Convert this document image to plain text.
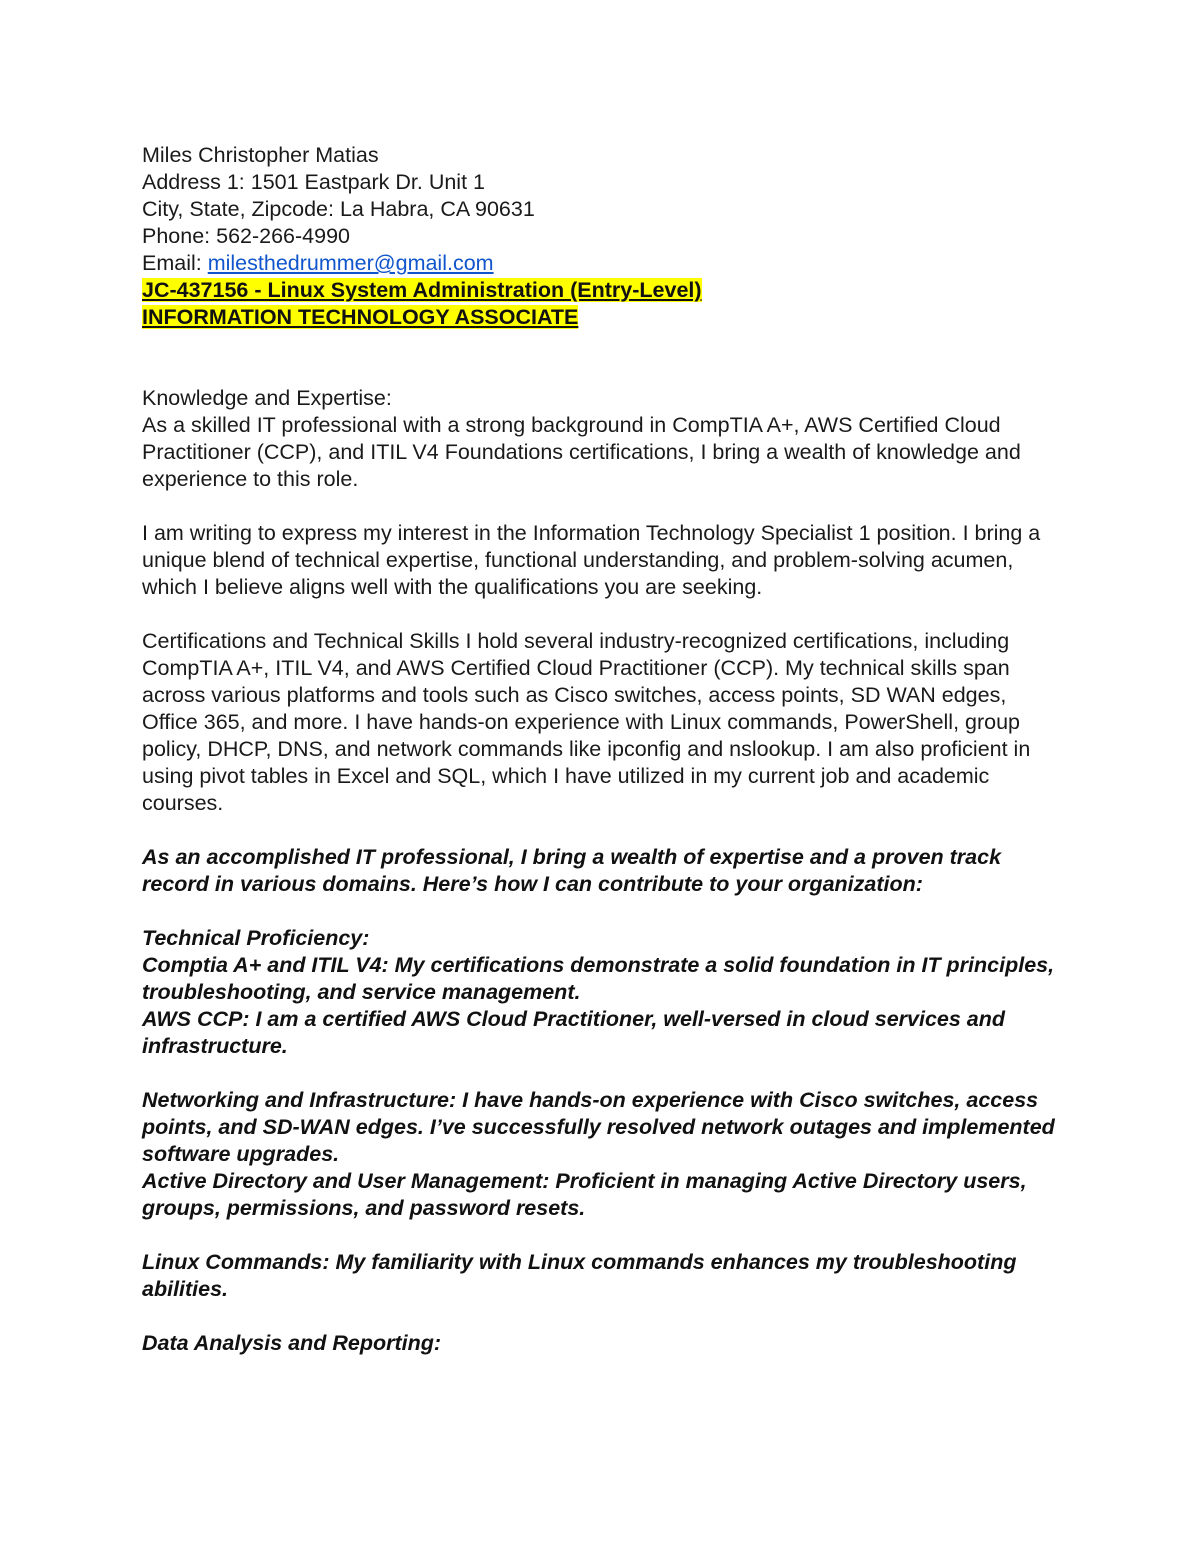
Miles Christopher Matias

Address 1: 1501 Eastpark Dr. Unit 1

City, State, Zipcode: La Habra, CA 90631

Phone: 562-266-4990

Email: milesthedrummer@gmail.com

JC-437156 - Linux System Administration (Entry-Level)

INFORMATION TECHNOLOGY ASSOCIATE

Knowledge and Expertise:

As a skilled IT professional with a strong background in CompTIA A+, AWS Certified Cloud Practitioner (CCP), and ITIL V4 Foundations certifications, I bring a wealth of knowledge and experience to this role.

I am writing to express my interest in the Information Technology Specialist 1 position. I bring a unique blend of technical expertise, functional understanding, and problem-solving acumen, which I believe aligns well with the qualifications you are seeking.

Certifications and Technical Skills I hold several industry-recognized certifications, including CompTIA A+, ITIL V4, and AWS Certified Cloud Practitioner (CCP). My technical skills span across various platforms and tools such as Cisco switches, access points, SD WAN edges, Office 365, and more. I have hands-on experience with Linux commands, PowerShell, group policy, DHCP, DNS, and network commands like ipconfig and nslookup. I am also proficient in using pivot tables in Excel and SQL, which I have utilized in my current job and academic courses.

As an accomplished IT professional, I bring a wealth of expertise and a proven track record in various domains. Here’s how I can contribute to your organization:

Technical Proficiency:

Comptia A+ and ITIL V4: My certifications demonstrate a solid foundation in IT principles, troubleshooting, and service management.

AWS CCP: I am a certified AWS Cloud Practitioner, well-versed in cloud services and infrastructure.

Networking and Infrastructure: I have hands-on experience with Cisco switches, access points, and SD-WAN edges. I’ve successfully resolved network outages and implemented software upgrades.

Active Directory and User Management: Proficient in managing Active Directory users, groups, permissions, and password resets.

Linux Commands: My familiarity with Linux commands enhances my troubleshooting abilities.

Data Analysis and Reporting:
